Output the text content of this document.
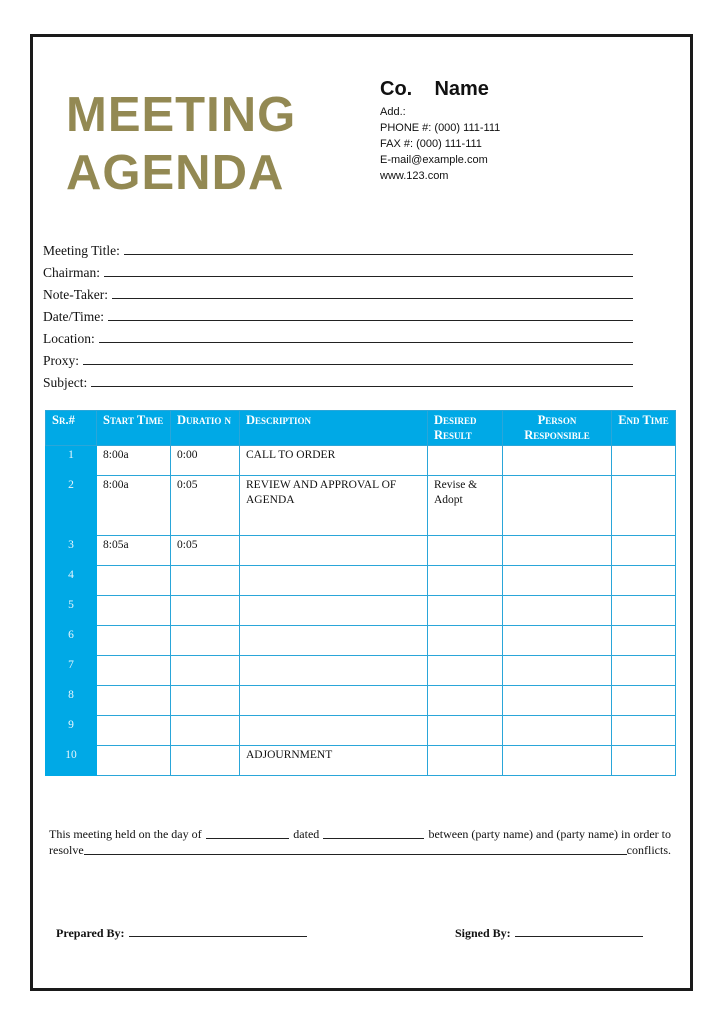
MEETING
AGENDA
Co.    Name
Add.:
PHONE #: (000) 111-111
FAX #: (000) 111-111
E-mail@example.com
www.123.com
Meeting Title:
Chairman:
Note-Taker:
Date/Time:
Location:
Proxy:
Subject:
Sr.#	Start Time	Duratio n	Description	Desired Result	Person Responsible	End Time
1	8:00a	0:00	CALL TO ORDER			
2	8:00a	0:05	REVIEW AND APPROVAL OF AGENDA	Revise & Adopt		
3	8:05a	0:05				
4						
5						
6						
7						
8						
9						
10			ADJOURNMENT			
This meeting held on the day of	dated	between (party name) and (party name) in order to
resolve	conflicts.
Prepared By:	Signed By:
